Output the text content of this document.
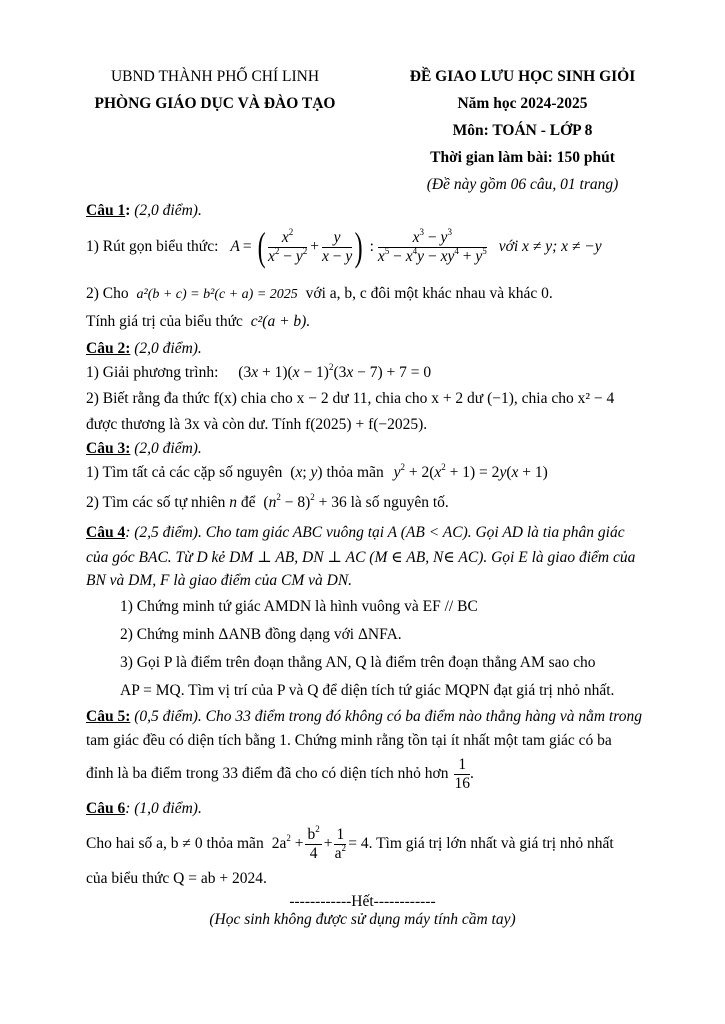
UBND THÀNH PHỐ CHÍ LINH
PHÒNG GIÁO DỤC VÀ ĐÀO TẠO
ĐỀ GIAO LƯU HỌC SINH GIỎI
Năm học 2024-2025
Môn: TOÁN - LỚP 8
Thời gian làm bài: 150 phút
(Đề này gồm 06 câu, 01 trang)
Câu 1: (2,0 điểm).
1) Rút gọn biểu thức: A = ( $\frac{x^2}{x^2 - y^2} + \frac{y}{x - y}$ ) : $\frac{x^3 - y^3}{x^5 - x^4y - xy^4 + y^5}$ với x ≠ y; x ≠ −y
2) Cho a²(b + c) = b²(c + a) = 2025 với a, b, c đôi một khác nhau và khác 0.
Tính giá trị của biểu thức c²(a + b).
Câu 2: (2,0 điểm).
1) Giải phương trình: $(3x + 1)(x - 1)^2(3x - 7) + 7 = 0$
2) Biết rằng đa thức f(x) chia cho x − 2 dư 11, chia cho x + 2 dư (−1), chia cho x² − 4
được thương là 3x và còn dư. Tính f(2025) + f(−2025).
Câu 3: (2,0 điểm).
1) Tìm tất cả các cặp số nguyên (x; y) thỏa mãn $y^2 + 2(x^2 + 1) = 2y(x + 1)$
2) Tìm các số tự nhiên n để $(n^2 - 8)^2 + 36$ là số nguyên tố.
Câu 4: (2,5 điểm). Cho tam giác ABC vuông tại A (AB < AC). Gọi AD là tia phân giác
của góc BAC. Từ D kẻ DM ⊥ AB, DN ⊥ AC (M ∈ AB, N∈ AC). Gọi E là giao điểm của
BN và DM, F là giao điểm của CM và DN.
1) Chứng minh tứ giác AMDN là hình vuông và EF // BC
2) Chứng minh ΔANB đồng dạng với ΔNFA.
3) Gọi P là điểm trên đoạn thẳng AN, Q là điểm trên đoạn thẳng AM sao cho
AP = MQ. Tìm vị trí của P và Q để diện tích tứ giác MQPN đạt giá trị nhỏ nhất.
Câu 5: (0,5 điểm). Cho 33 điểm trong đó không có ba điểm nào thẳng hàng và nằm trong
tam giác đều có diện tích bằng 1. Chứng minh rằng tồn tại ít nhất một tam giác có ba
đỉnh là ba điểm trong 33 điểm đã cho có diện tích nhỏ hơn $\frac{1}{16}$ .
Câu 6: (1,0 điểm).
Cho hai số a, b ≠ 0 thỏa mãn $2a^2 + \frac{b^2}{4} + \frac{1}{a^2} = 4$ . Tìm giá trị lớn nhất và giá trị nhỏ nhất
của biểu thức Q = ab + 2024.
------------Hết------------
(Học sinh không được sử dụng máy tính cầm tay)
